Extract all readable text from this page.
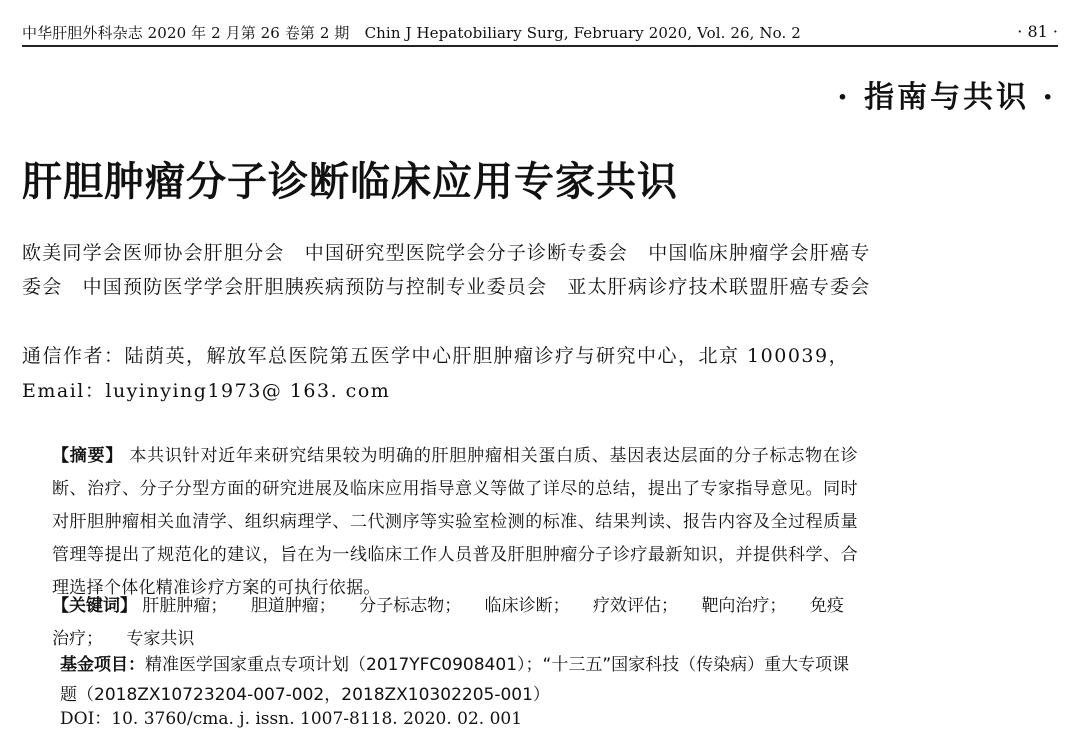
中华肝胆外科杂志 2020 年 2 月第 26 卷第 2 期　Chin J Hepatobiliary Surg, February 2020, Vol. 26, No. 2	· 81 ·
· 指南与共识 ·
肝胆肿瘤分子诊断临床应用专家共识
欧美同学会医师协会肝胆分会　中国研究型医院学会分子诊断专委会　中国临床肿瘤学会肝癌专委会　中国预防医学学会肝胆胰疾病预防与控制专业委员会　亚太肝病诊疗技术联盟肝癌专委会
通信作者：陆荫英，解放军总医院第五医学中心肝胆肿瘤诊疗与研究中心，北京 100039，Email：luyinying1973@ 163. com
【摘要】 本共识针对近年来研究结果较为明确的肝胆肿瘤相关蛋白质、基因表达层面的分子标志物在诊断、治疗、分子分型方面的研究进展及临床应用指导意义等做了详尽的总结，提出了专家指导意见。同时对肝胆肿瘤相关血清学、组织病理学、二代测序等实验室检测的标准、结果判读、报告内容及全过程质量管理等提出了规范化的建议，旨在为一线临床工作人员普及肝胆肿瘤分子诊疗最新知识，并提供科学、合理选择个体化精准诊疗方案的可执行依据。
【关键词】 肝脏肿瘤； 胆道肿瘤； 分子标志物； 临床诊断； 疗效评估； 靶向治疗； 免疫治疗； 专家共识
基金项目：精准医学国家重点专项计划（2017YFC0908401）；“十三五”国家科技（传染病）重大专项课题（2018ZX10723204-007-002，2018ZX10302205-001）
DOI：10. 3760/cma. j. issn. 1007-8118. 2020. 02. 001
